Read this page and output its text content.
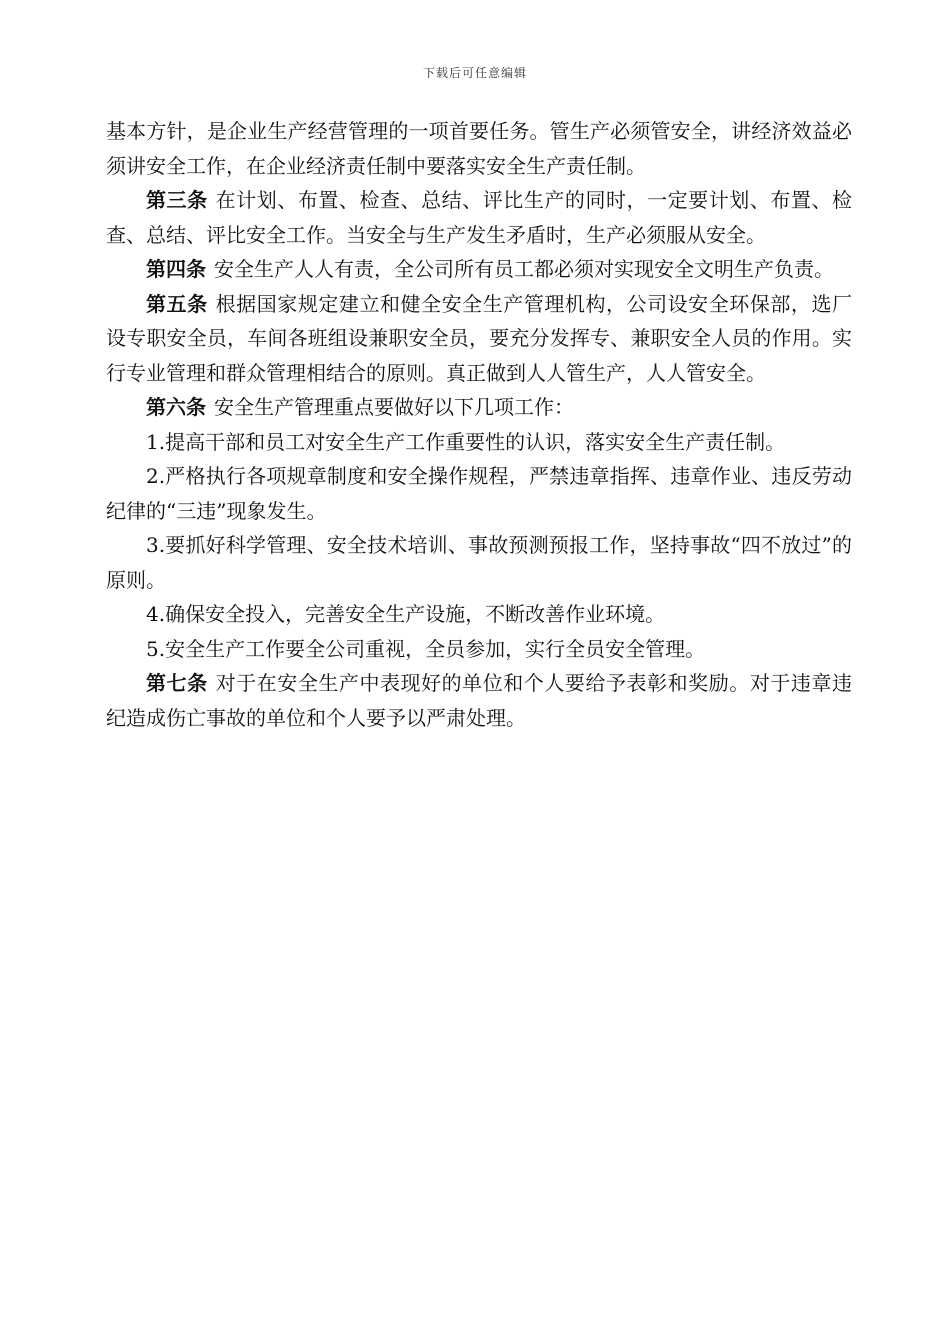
下载后可任意编辑

基本方针，是企业生产经营管理的一项首要任务。管生产必须管安全，讲经济效益必须讲安全工作，在企业经济责任制中要落实安全生产责任制。

第三条 在计划、布置、检查、总结、评比生产的同时，一定要计划、布置、检查、总结、评比安全工作。当安全与生产发生矛盾时，生产必须服从安全。

第四条 安全生产人人有责，全公司所有员工都必须对实现安全文明生产负责。

第五条 根据国家规定建立和健全安全生产管理机构，公司设安全环保部，选厂设专职安全员，车间各班组设兼职安全员，要充分发挥专、兼职安全人员的作用。实行专业管理和群众管理相结合的原则。真正做到人人管生产，人人管安全。

第六条 安全生产管理重点要做好以下几项工作：

1.提高干部和员工对安全生产工作重要性的认识，落实安全生产责任制。

2.严格执行各项规章制度和安全操作规程，严禁违章指挥、违章作业、违反劳动纪律的“三违”现象发生。

3.要抓好科学管理、安全技术培训、事故预测预报工作，坚持事故“四不放过”的原则。

4.确保安全投入，完善安全生产设施，不断改善作业环境。

5.安全生产工作要全公司重视，全员参加，实行全员安全管理。

第七条 对于在安全生产中表现好的单位和个人要给予表彰和奖励。对于违章违纪造成伤亡事故的单位和个人要予以严肃处理。
